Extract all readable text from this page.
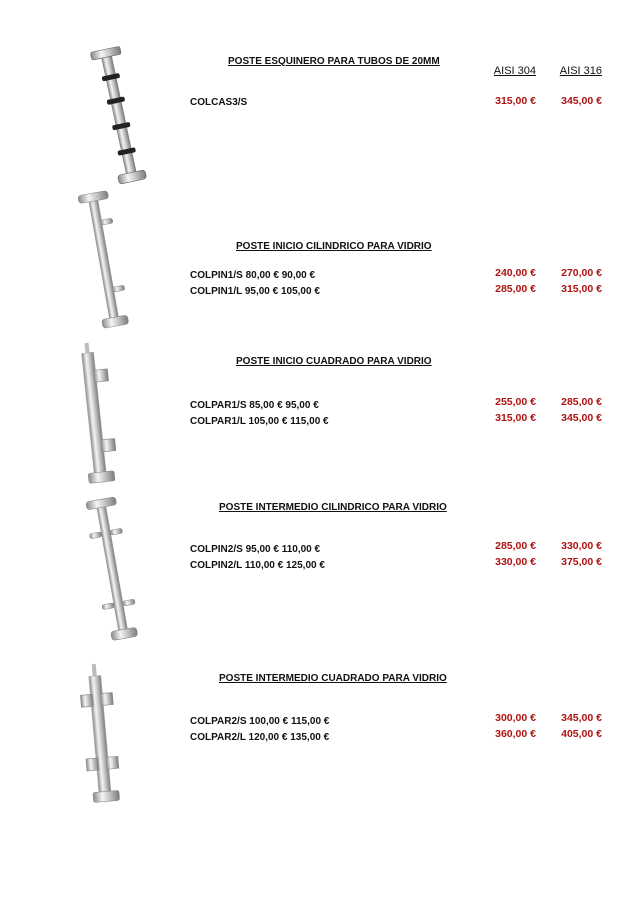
AISI 304 AISI 316
POSTE ESQUINERO PARA TUBOS DE 20MM
COLCAS3/S	315,00 € 345,00 €
POSTE INICIO CILINDRICO PARA VIDRIO
COLPIN1/S 80,00 € 90,00 €
COLPIN1/L 95,00 € 105,00 €
240,00 €
285,00 €
270,00 €
315,00 €
POSTE INICIO CUADRADO PARA VIDRIO
COLPAR1/S 85,00 € 95,00 €
COLPAR1/L 105,00 € 115,00 €
255,00 €
315,00 €
285,00 €
345,00 €
POSTE INTERMEDIO CILINDRICO PARA VIDRIO
COLPIN2/S 95,00 € 110,00 €
COLPIN2/L 110,00 € 125,00 €
285,00 €
330,00 €
330,00 €
375,00 €
POSTE INTERMEDIO CUADRADO PARA VIDRIO
COLPAR2/S 100,00 € 115,00 €
COLPAR2/L 120,00 € 135,00 €
300,00 €
360,00 €
345,00 €
405,00 €
